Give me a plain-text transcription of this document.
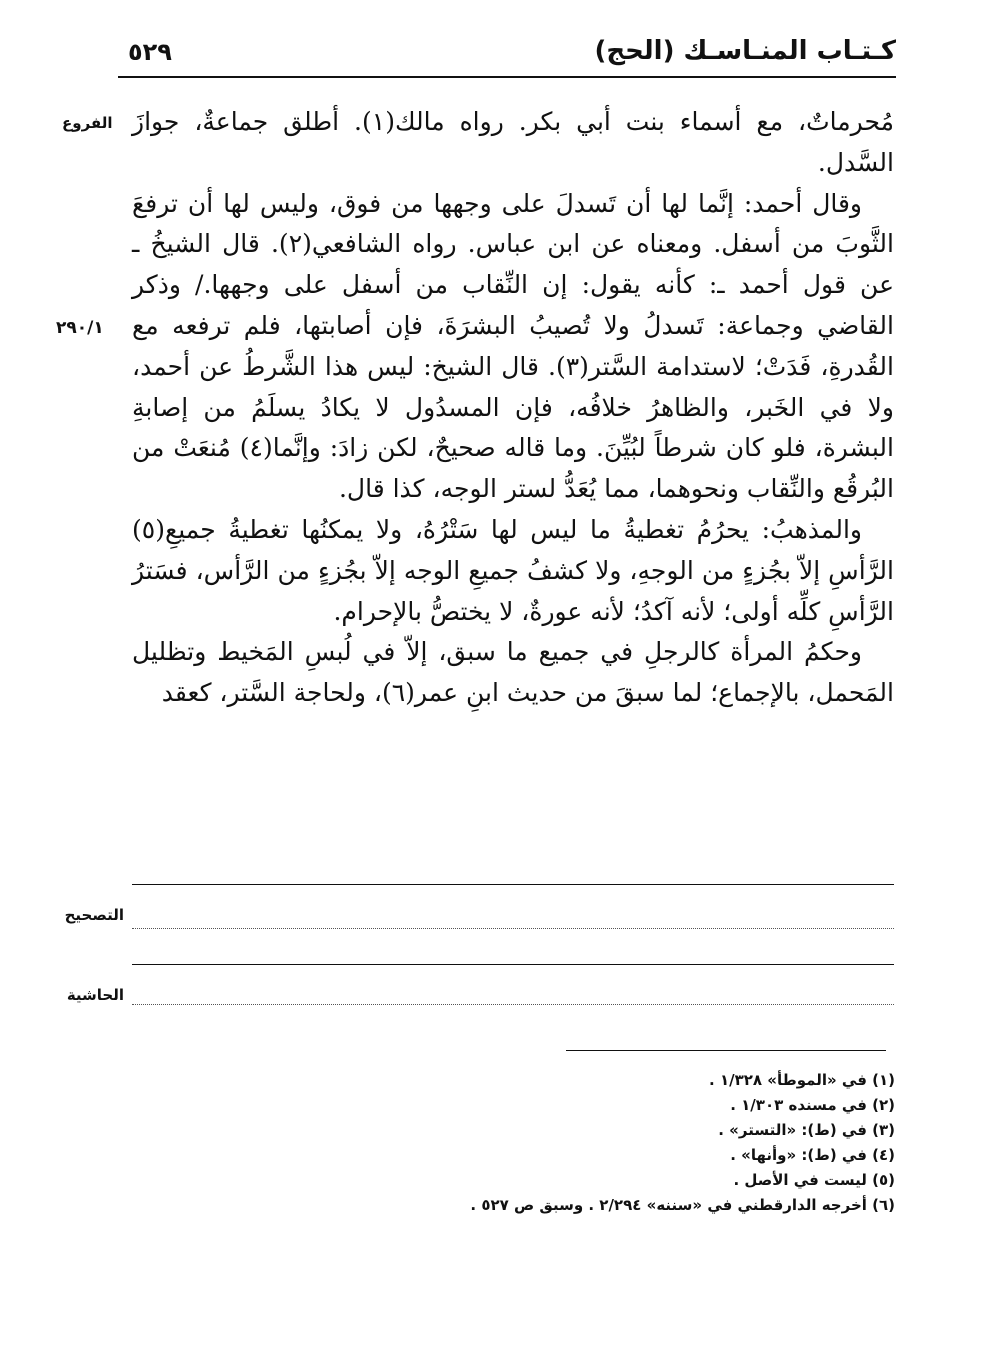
كـتـاب المنـاسـك (الحج)
٥٢٩
الفروع
٢٩٠/١

مُحرماتٌ، مع أسماء بنت أبي بكر. رواه مالك(١). أطلق جماعةٌ، جوازَ السَّدل.

وقال أحمد: إنَّما لها أن تَسدلَ على وجهها من فوق، وليس لها أن ترفعَ الثَّوبَ من أسفل. ومعناه عن ابن عباس. رواه الشافعي(٢). قال الشيخُ ـ عن قول أحمد ـ: كأنه يقول: إن النِّقاب من أسفل على وجهها./ وذكر القاضي وجماعة: تَسدلُ ولا تُصيبُ البشرَةَ، فإن أصابتها، فلم ترفعه مع القُدرةِ، فَدَتْ؛ لاستدامة السَّتر(٣). قال الشيخ: ليس هذا الشَّرطُ عن أحمد، ولا في الخَبر، والظاهرُ خلافُه، فإن المسدُول لا يكادُ يسلَمُ من إصابةِ البشرة، فلو كان شرطاً لبُيِّنَ. وما قاله صحيحٌ، لكن زادَ: وإنَّما(٤) مُنعَتْ من البُرقُع والنِّقاب ونحوهما، مما يُعَدُّ لستر الوجه، كذا قال.

والمذهبُ: يحرُمُ تغطيةُ ما ليس لها سَتْرُهُ، ولا يمكنُها تغطيةُ جميعِ(٥) الرَّأسِ إلاّ بجُزءٍ من الوجهِ، ولا كشفُ جميعِ الوجه إلاّ بجُزءٍ من الرَّأس، فسَترُ الرَّأسِ كلِّه أولى؛ لأنه آكدُ؛ لأنه عورةٌ، لا يختصُّ بالإحرام.

وحكمُ المرأة كالرجلِ في جميع ما سبق، إلاّ في لُبسِ المَخيط وتظليل المَحمل، بالإجماع؛ لما سبقَ من حديث ابنِ عمر(٦)، ولحاجة السَّتر، كعقد

التصحيح
الحاشية
(١) في «الموطأ» ١/٣٢٨ .
(٢) في مسنده ١/٣٠٣ .
(٣) في (ط): «التستر» .
(٤) في (ط): «وأنها» .
(٥) ليست في الأصل .
(٦) أخرجه الدارقطني في «سننه» ٢/٢٩٤ . وسبق ص ٥٢٧ .
